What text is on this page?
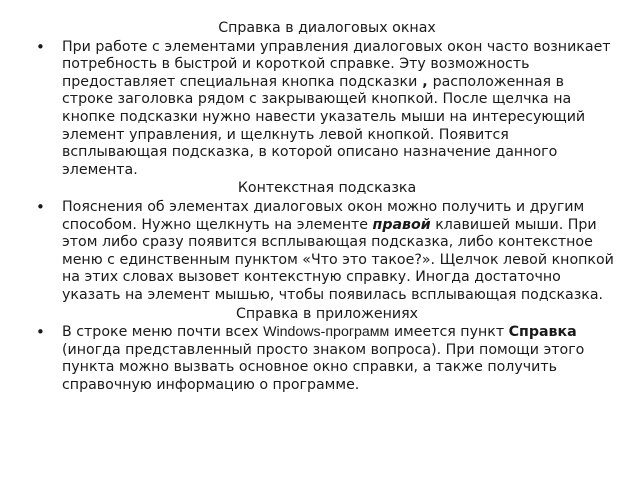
Справка в диалоговых окнах
• При работе с элементами управления диалоговых окон часто возникает потребность в быстрой и короткой справке. Эту возможность предоставляет специальная кнопка подсказки , расположенная в строке заголовка рядом с закрывающей кнопкой. После щелчка на кнопке подсказки нужно навести указатель мыши на интересующий элемент управления, и щелкнуть левой кнопкой. Появится всплывающая подсказка, в которой описано назначение данного элемента.
Контекстная подсказка
• Пояснения об элементах диалоговых окон можно получить и другим способом. Нужно щелкнуть на элементе правой клавишей мыши. При этом либо сразу появится всплывающая подсказка, либо контекстное меню с единственным пунктом «Что это такое?». Щелчок левой кнопкой на этих словах вызовет контекстную справку. Иногда достаточно указать на элемент мышью, чтобы появилась всплывающая подсказка.
Справка в приложениях
• В строке меню почти всех Windows-программ имеется пункт Справка (иногда представленный просто знаком вопроса). При помощи этого пункта можно вызвать основное окно справки, а также получить справочную информацию о программе.
